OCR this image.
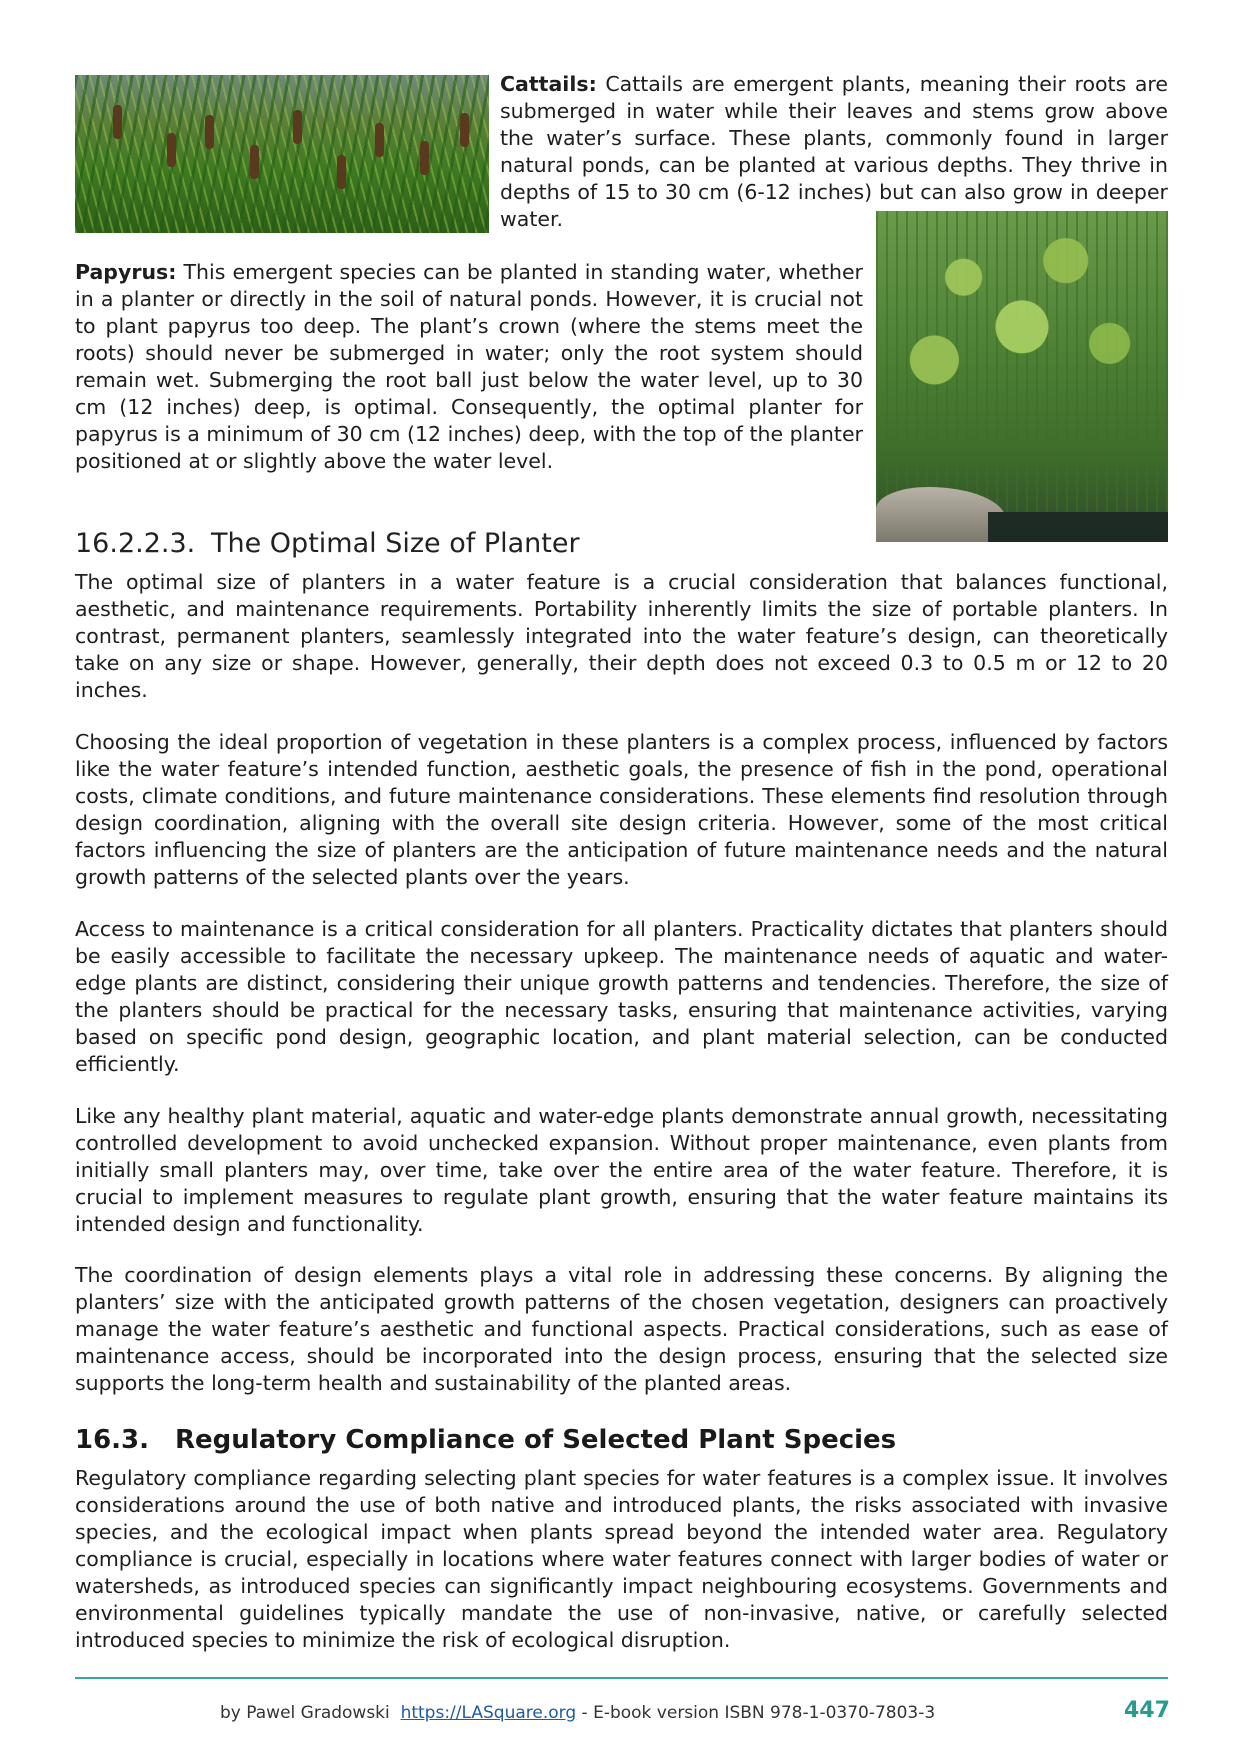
Cattails: Cattails are emergent plants, meaning their roots are submerged in water while their leaves and stems grow above the water’s surface. These plants, commonly found in larger natural ponds, can be planted at various depths. They thrive in depths of 15 to 30 cm (6-12 inches) but can also grow in deeper water.

Papyrus: This emergent species can be planted in standing water, whether in a planter or directly in the soil of natural ponds. However, it is crucial not to plant papyrus too deep. The plant’s crown (where the stems meet the roots) should never be submerged in water; only the root system should remain wet. Submerging the root ball just below the water level, up to 30 cm (12 inches) deep, is optimal. Consequently, the optimal planter for papyrus is a minimum of 30 cm (12 inches) deep, with the top of the planter positioned at or slightly above the water level.

16.2.2.3. The Optimal Size of Planter

The optimal size of planters in a water feature is a crucial consideration that balances functional, aesthetic, and maintenance requirements. Portability inherently limits the size of portable planters. In contrast, permanent planters, seamlessly integrated into the water feature’s design, can theoretically take on any size or shape. However, generally, their depth does not exceed 0.3 to 0.5 m or 12 to 20 inches.

Choosing the ideal proportion of vegetation in these planters is a complex process, influenced by factors like the water feature’s intended function, aesthetic goals, the presence of fish in the pond, operational costs, climate conditions, and future maintenance considerations. These elements find resolution through design coordination, aligning with the overall site design criteria. However, some of the most critical factors influencing the size of planters are the anticipation of future maintenance needs and the natural growth patterns of the selected plants over the years.

Access to maintenance is a critical consideration for all planters. Practicality dictates that planters should be easily accessible to facilitate the necessary upkeep. The maintenance needs of aquatic and water-edge plants are distinct, considering their unique growth patterns and tendencies. Therefore, the size of the planters should be practical for the necessary tasks, ensuring that maintenance activities, varying based on specific pond design, geographic location, and plant material selection, can be conducted efficiently.

Like any healthy plant material, aquatic and water-edge plants demonstrate annual growth, necessitating controlled development to avoid unchecked expansion. Without proper maintenance, even plants from initially small planters may, over time, take over the entire area of the water feature. Therefore, it is crucial to implement measures to regulate plant growth, ensuring that the water feature maintains its intended design and functionality.

The coordination of design elements plays a vital role in addressing these concerns. By aligning the planters’ size with the anticipated growth patterns of the chosen vegetation, designers can proactively manage the water feature’s aesthetic and functional aspects. Practical considerations, such as ease of maintenance access, should be incorporated into the design process, ensuring that the selected size supports the long-term health and sustainability of the planted areas.

16.3. Regulatory Compliance of Selected Plant Species

Regulatory compliance regarding selecting plant species for water features is a complex issue. It involves considerations around the use of both native and introduced plants, the risks associated with invasive species, and the ecological impact when plants spread beyond the intended water area. Regulatory compliance is crucial, especially in locations where water features connect with larger bodies of water or watersheds, as introduced species can significantly impact neighbouring ecosystems. Governments and environmental guidelines typically mandate the use of non-invasive, native, or carefully selected introduced species to minimize the risk of ecological disruption.

by Pawel Gradowski https://LASquare.org - E-book version ISBN 978-1-0370-7803-3	447
